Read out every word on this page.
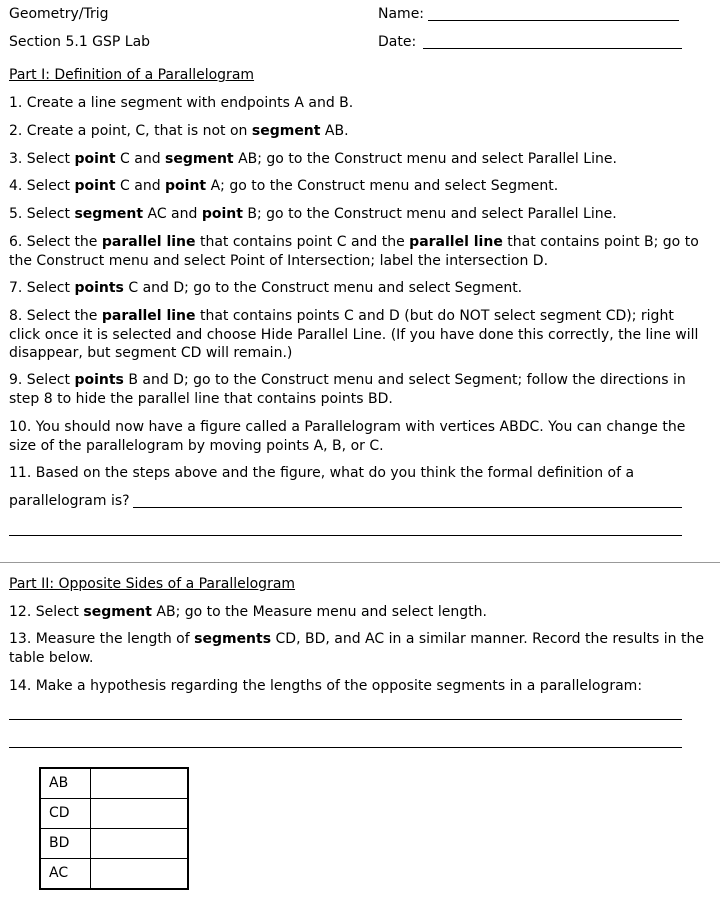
Geometry/Trig	Name:
Section 5.1 GSP Lab	Date:
Part I: Definition of a Parallelogram
1. Create a line segment with endpoints A and B.
2. Create a point, C, that is not on segment AB.
3. Select point C and segment AB; go to the Construct menu and select Parallel Line.
4. Select point C and point A; go to the Construct menu and select Segment.
5. Select segment AC and point B; go to the Construct menu and select Parallel Line.
6. Select the parallel line that contains point C and the parallel line that contains point B; go to the Construct menu and select Point of Intersection; label the intersection D.
7. Select points C and D; go to the Construct menu and select Segment.
8. Select the parallel line that contains points C and D (but do NOT select segment CD); right click once it is selected and choose Hide Parallel Line. (If you have done this correctly, the line will disappear, but segment CD will remain.)
9. Select points B and D; go to the Construct menu and select Segment; follow the directions in step 8 to hide the parallel line that contains points BD.
10. You should now have a figure called a Parallelogram with vertices ABDC. You can change the size of the parallelogram by moving points A, B, or C.
11. Based on the steps above and the figure, what do you think the formal definition of a
parallelogram is?
Part II: Opposite Sides of a Parallelogram
12. Select segment AB; go to the Measure menu and select length.
13. Measure the length of segments CD, BD, and AC in a similar manner. Record the results in the table below.
14. Make a hypothesis regarding the lengths of the opposite segments in a parallelogram:
AB	
CD	
BD	
AC	
